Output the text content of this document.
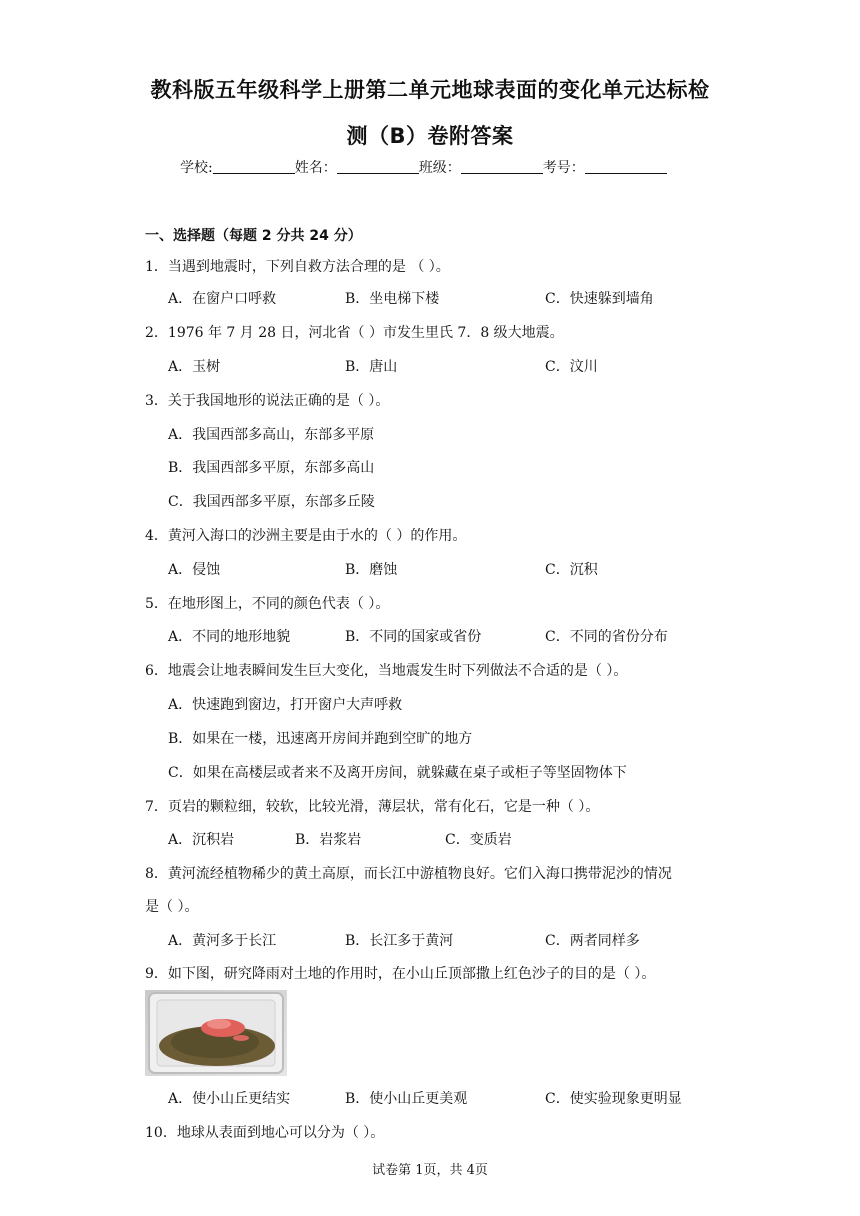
教科版五年级科学上册第二单元地球表面的变化单元达标检
测（B）卷附答案
学校:	姓名：	班级：	考号：
一、选择题（每题 2 分共 24 分）
1．当遇到地震时，下列自救方法合理的是 （ ）。
A．在窗户口呼救	B．坐电梯下楼	C．快速躲到墙角
2．1976 年 7 月 28 日，河北省（ ）市发生里氏 7．8 级大地震。
A．玉树	B．唐山	C．汶川
3．关于我国地形的说法正确的是（ ）。
A．我国西部多高山，东部多平原
B．我国西部多平原，东部多高山
C．我国西部多平原，东部多丘陵
4．黄河入海口的沙洲主要是由于水的（ ）的作用。
A．侵蚀	B．磨蚀	C．沉积
5．在地形图上，不同的颜色代表（ ）。
A．不同的地形地貌	B．不同的国家或省份	C．不同的省份分布
6．地震会让地表瞬间发生巨大变化，当地震发生时下列做法不合适的是（ ）。
A．快速跑到窗边，打开窗户大声呼救
B．如果在一楼，迅速离开房间并跑到空旷的地方
C．如果在高楼层或者来不及离开房间，就躲藏在桌子或柜子等坚固物体下
7．页岩的颗粒细，较软，比较光滑，薄层状，常有化石，它是一种（ ）。
A．沉积岩	B．岩浆岩	C．变质岩
8．黄河流经植物稀少的黄土高原，而长江中游植物良好。它们入海口携带泥沙的情况
是（ ）。
A．黄河多于长江	B．长江多于黄河	C．两者同样多
9．如下图，研究降雨对土地的作用时，在小山丘顶部撒上红色沙子的目的是（ ）。
A．使小山丘更结实	B．使小山丘更美观	C．使实验现象更明显
10．地球从表面到地心可以分为（ ）。
试卷第 1页，共 4页
